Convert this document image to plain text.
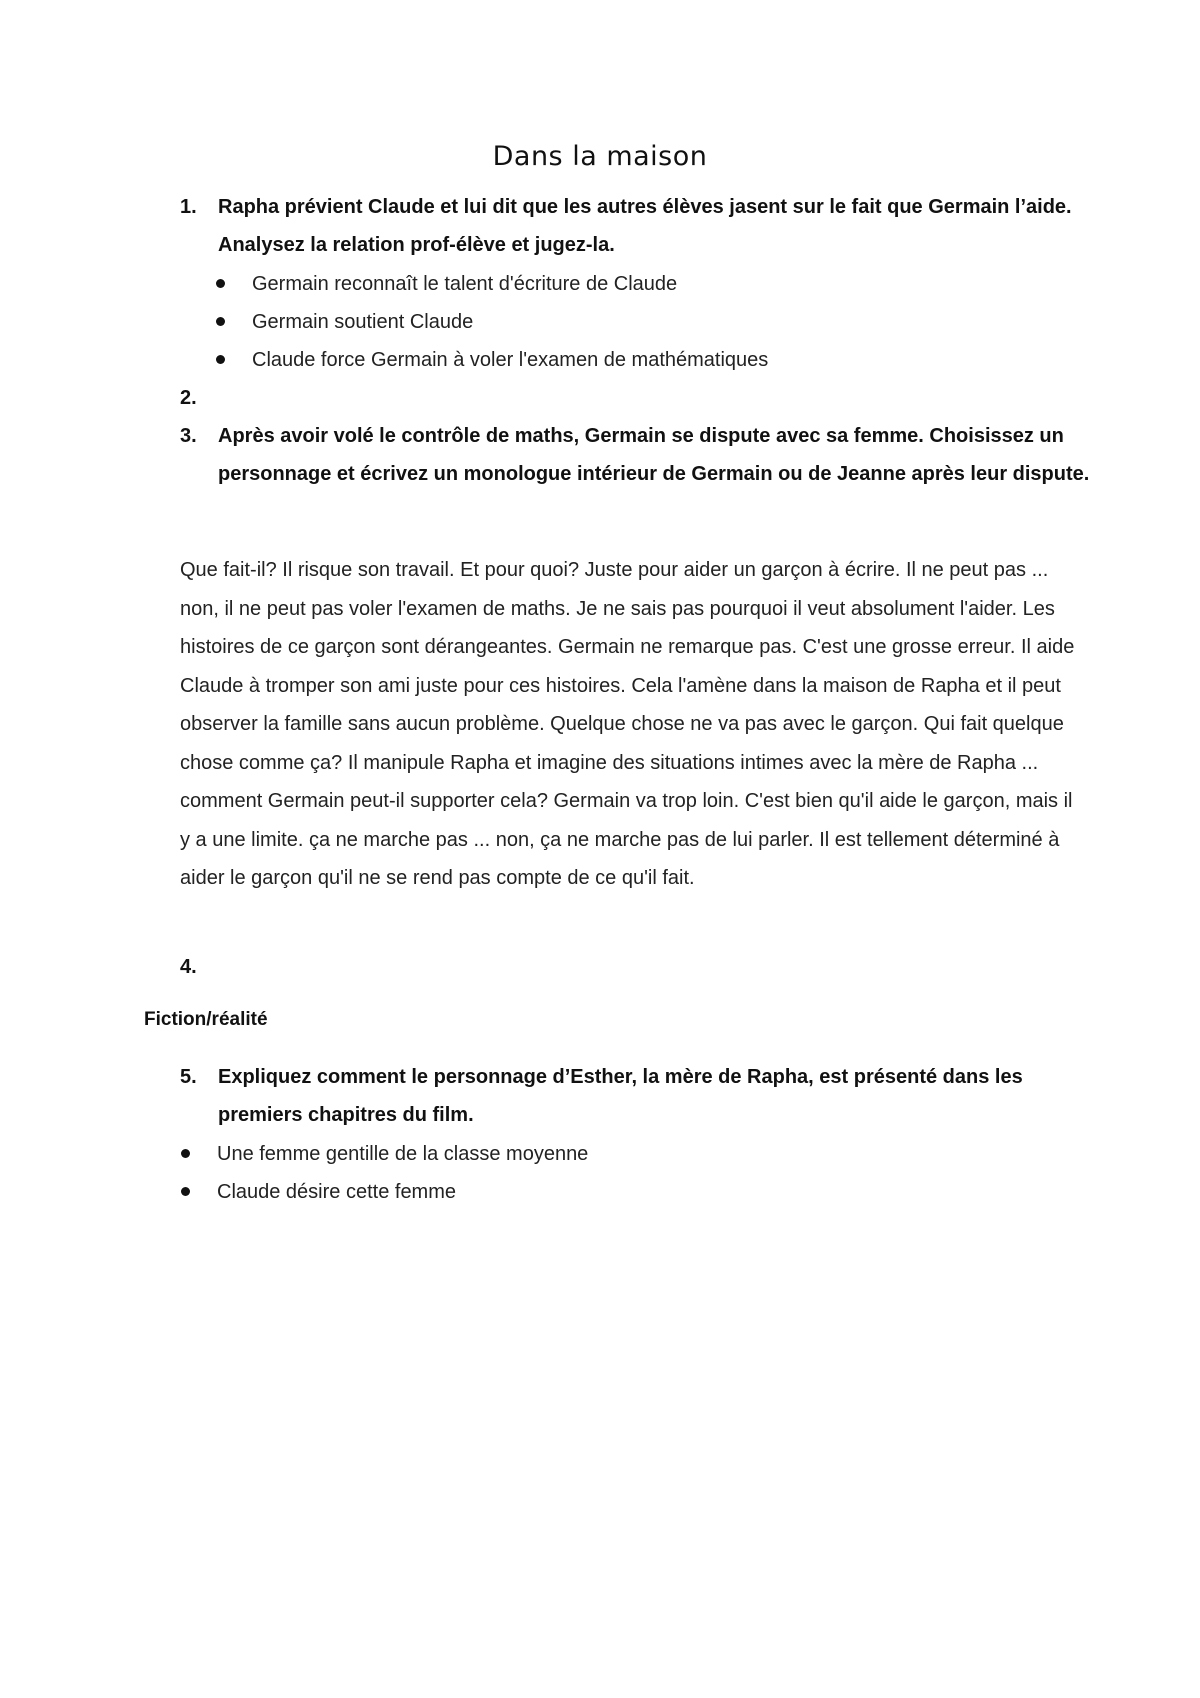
Dans la maison
1. Rapha prévient Claude et lui dit que les autres élèves jasent sur le fait que Germain l’aide. Analysez la relation prof-élève et jugez-la.
Germain reconnaît le talent d'écriture de Claude
Germain soutient Claude
Claude force Germain à voler l'examen de mathématiques
2.
3. Après avoir volé le contrôle de maths, Germain se dispute avec sa femme. Choisissez un personnage et écrivez un monologue intérieur de Germain ou de Jeanne après leur dispute.
Que fait-il? Il risque son travail. Et pour quoi? Juste pour aider un garçon à écrire. Il ne peut pas ... non, il ne peut pas voler l'examen de maths. Je ne sais pas pourquoi il veut absolument l'aider. Les histoires de ce garçon sont dérangeantes. Germain ne remarque pas. C'est une grosse erreur. Il aide Claude à tromper son ami juste pour ces histoires. Cela l'amène dans la maison de Rapha et il peut observer la famille sans aucun problème. Quelque chose ne va pas avec le garçon. Qui fait quelque chose comme ça? Il manipule Rapha et imagine des situations intimes avec la mère de Rapha ... comment Germain peut-il supporter cela? Germain va trop loin. C'est bien qu'il aide le garçon, mais il y a une limite. ça ne marche pas ... non, ça ne marche pas de lui parler. Il est tellement déterminé à aider le garçon qu'il ne se rend pas compte de ce qu'il fait.
4.
Fiction/réalité
5. Expliquez comment le personnage d’Esther, la mère de Rapha, est présenté dans les premiers chapitres du film.
Une femme gentille de la classe moyenne
Claude désire cette femme
